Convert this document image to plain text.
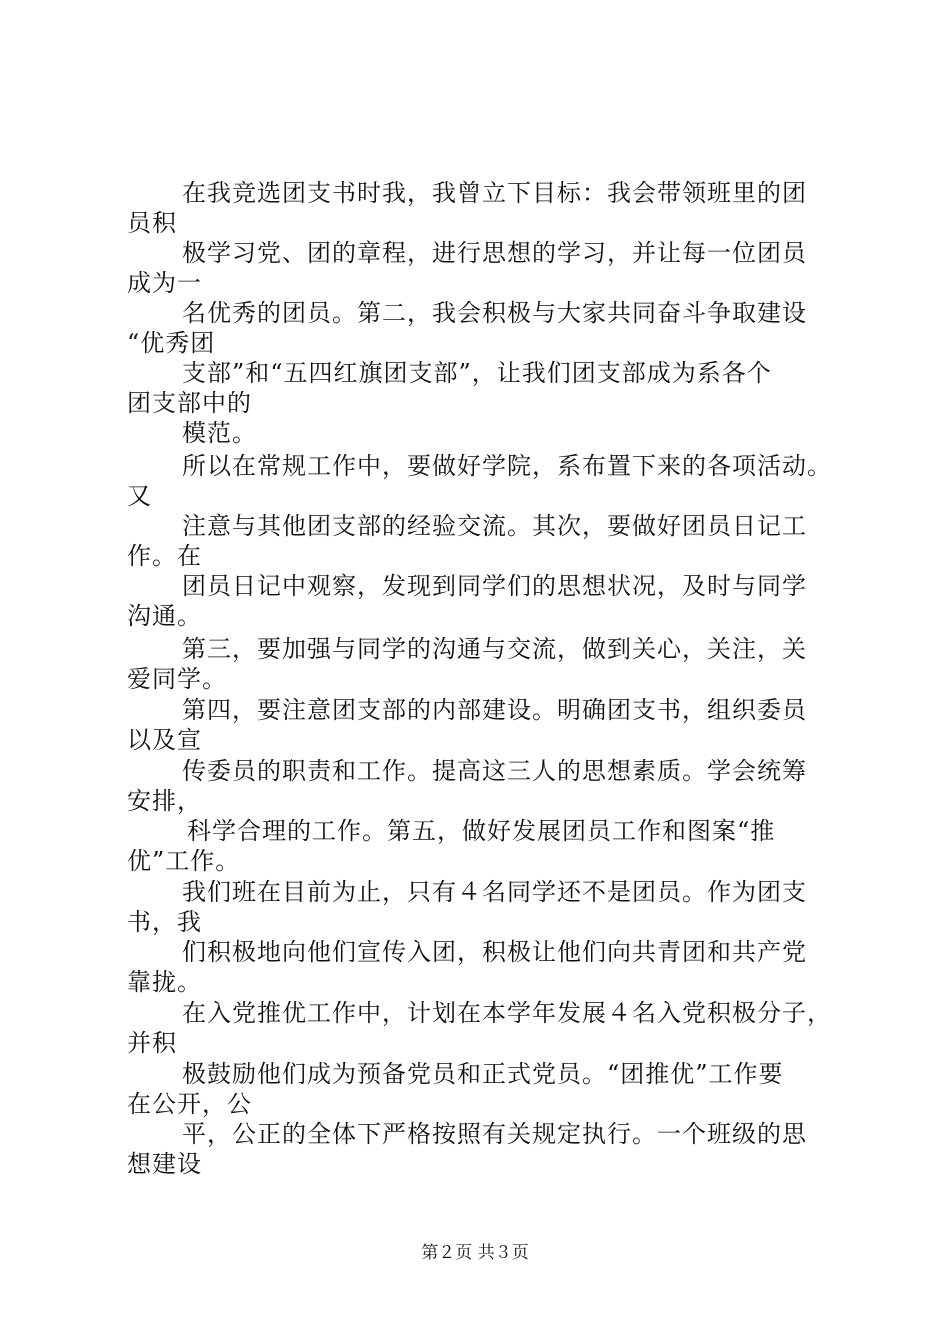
在我竞选团支书时我，我曾立下目标：我会带领班里的团
员积
极学习党、团的章程，进行思想的学习，并让每一位团员
成为一
名优秀的团员。第二，我会积极与大家共同奋斗争取建设
“优秀团
支部”和“五四红旗团支部”，让我们团支部成为系各个
团支部中的
模范。
所以在常规工作中，要做好学院，系布置下来的各项活动。
又
注意与其他团支部的经验交流。其次，要做好团员日记工
作。在
团员日记中观察，发现到同学们的思想状况，及时与同学
沟通。
第三，要加强与同学的沟通与交流，做到关心，关注，关
爱同学。
第四，要注意团支部的内部建设。明确团支书，组织委员
以及宣
传委员的职责和工作。提高这三人的思想素质。学会统筹
安排，
科学合理的工作。第五，做好发展团员工作和图案“推
优”工作。
我们班在目前为止，只有４名同学还不是团员。作为团支
书，我
们积极地向他们宣传入团，积极让他们向共青团和共产党
靠拢。
在入党推优工作中，计划在本学年发展４名入党积极分子，
并积
极鼓励他们成为预备党员和正式党员。“团推优”工作要
在公开，公
平，公正的全体下严格按照有关规定执行。一个班级的思
想建设
第２页 共３页
